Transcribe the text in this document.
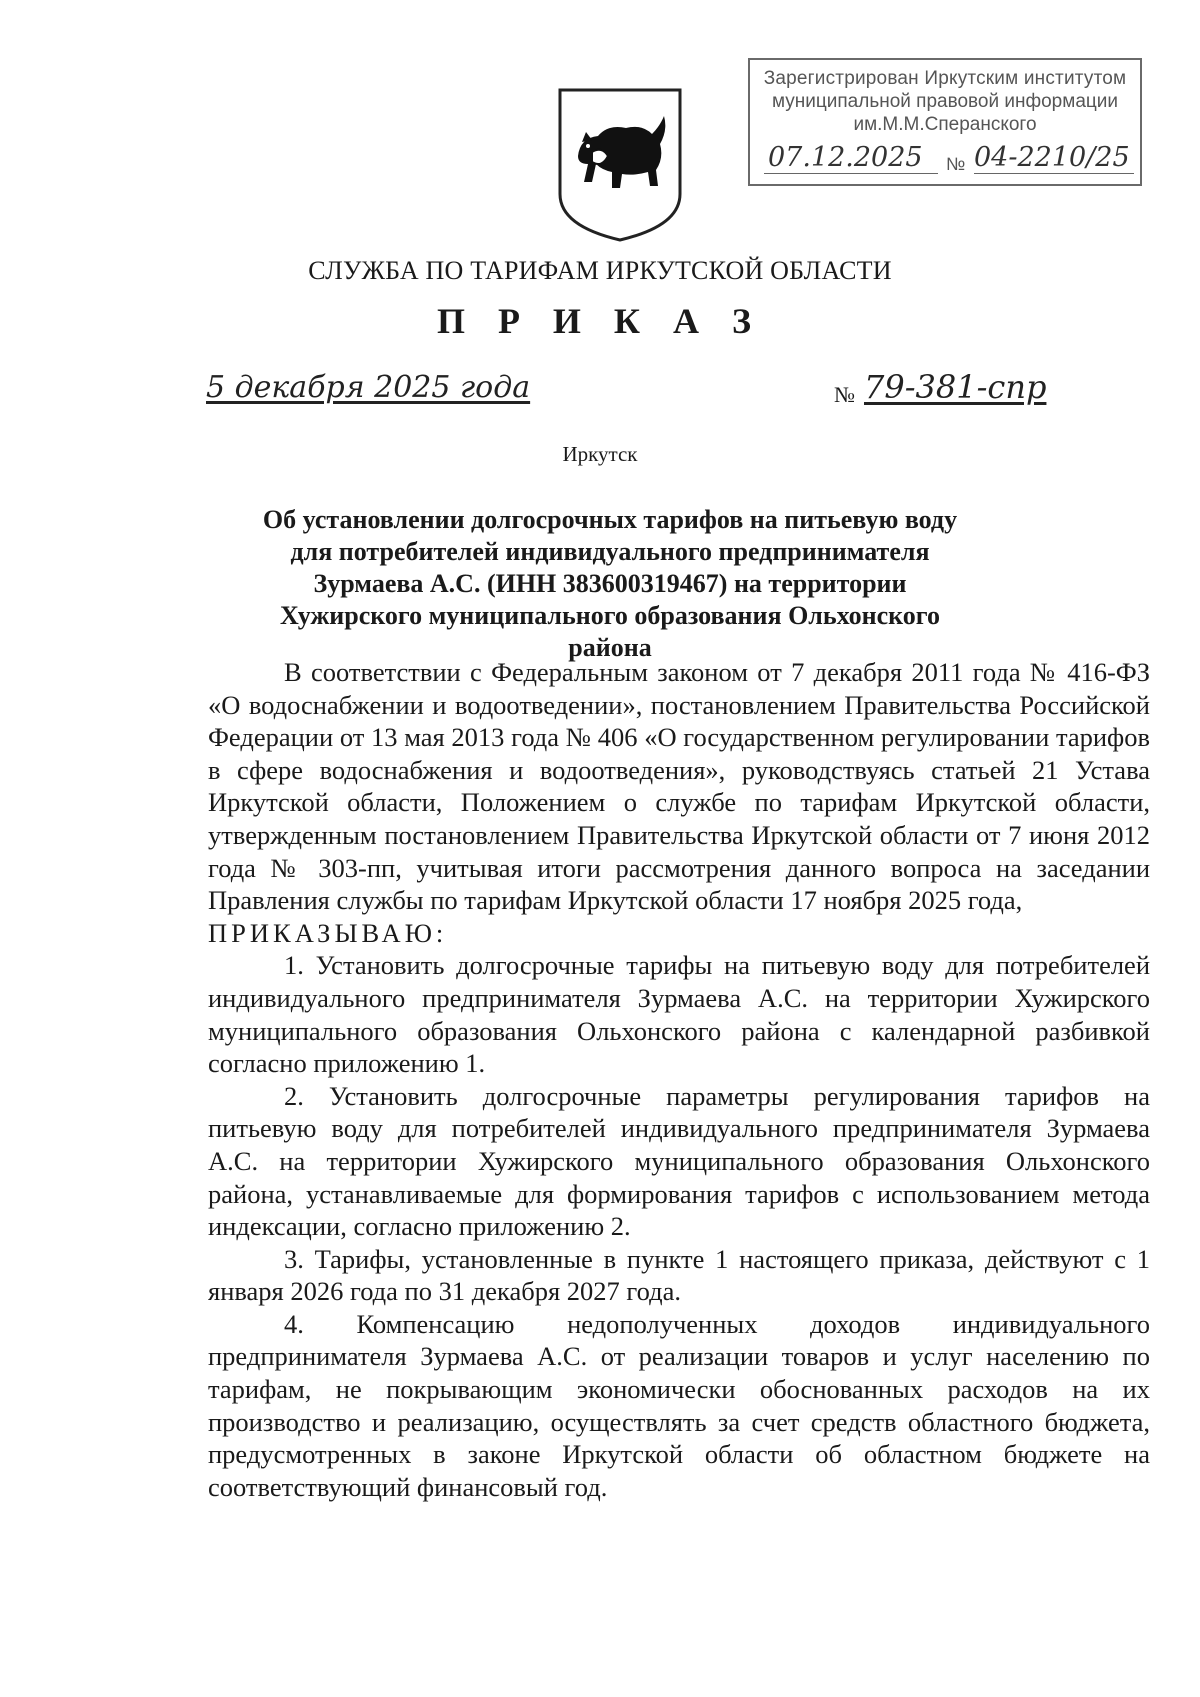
Зарегистрирован Иркутским институтом
муниципальной правовой информации
им.М.М.Сперанского
07.12.2025	№ 04-2210/25
СЛУЖБА ПО ТАРИФАМ ИРКУТСКОЙ ОБЛАСТИ
П Р И К А З
5 декабря 2025 года	№ 79-381-спр
Иркутск
Об установлении долгосрочных тарифов на питьевую воду для потребителей индивидуального предпринимателя Зурмаева А.С. (ИНН 383600319467) на территории Хужирского муниципального образования Ольхонского района

В соответствии с Федеральным законом от 7 декабря 2011 года № 416-ФЗ «О водоснабжении и водоотведении», постановлением Правительства Российской Федерации от 13 мая 2013 года № 406 «О государственном регулировании тарифов в сфере водоснабжения и водоотведения», руководствуясь статьей 21 Устава Иркутской области, Положением о службе по тарифам Иркутской области, утвержденным постановлением Правительства Иркутской области от 7 июня 2012 года № 303-пп, учитывая итоги рассмотрения данного вопроса на заседании Правления службы по тарифам Иркутской области 17 ноября 2025 года,

ПРИКАЗЫВАЮ:

1. Установить долгосрочные тарифы на питьевую воду для потребителей индивидуального предпринимателя Зурмаева А.С. на территории Хужирского муниципального образования Ольхонского района с календарной разбивкой согласно приложению 1.

2. Установить долгосрочные параметры регулирования тарифов на питьевую воду для потребителей индивидуального предпринимателя Зурмаева А.С. на территории Хужирского муниципального образования Ольхонского района, устанавливаемые для формирования тарифов с использованием метода индексации, согласно приложению 2.

3. Тарифы, установленные в пункте 1 настоящего приказа, действуют с 1 января 2026 года по 31 декабря 2027 года.

4. Компенсацию недополученных доходов индивидуального предпринимателя Зурмаева А.С. от реализации товаров и услуг населению по тарифам, не покрывающим экономически обоснованных расходов на их производство и реализацию, осуществлять за счет средств областного бюджета, предусмотренных в законе Иркутской области об областном бюджете на соответствующий финансовый год.
